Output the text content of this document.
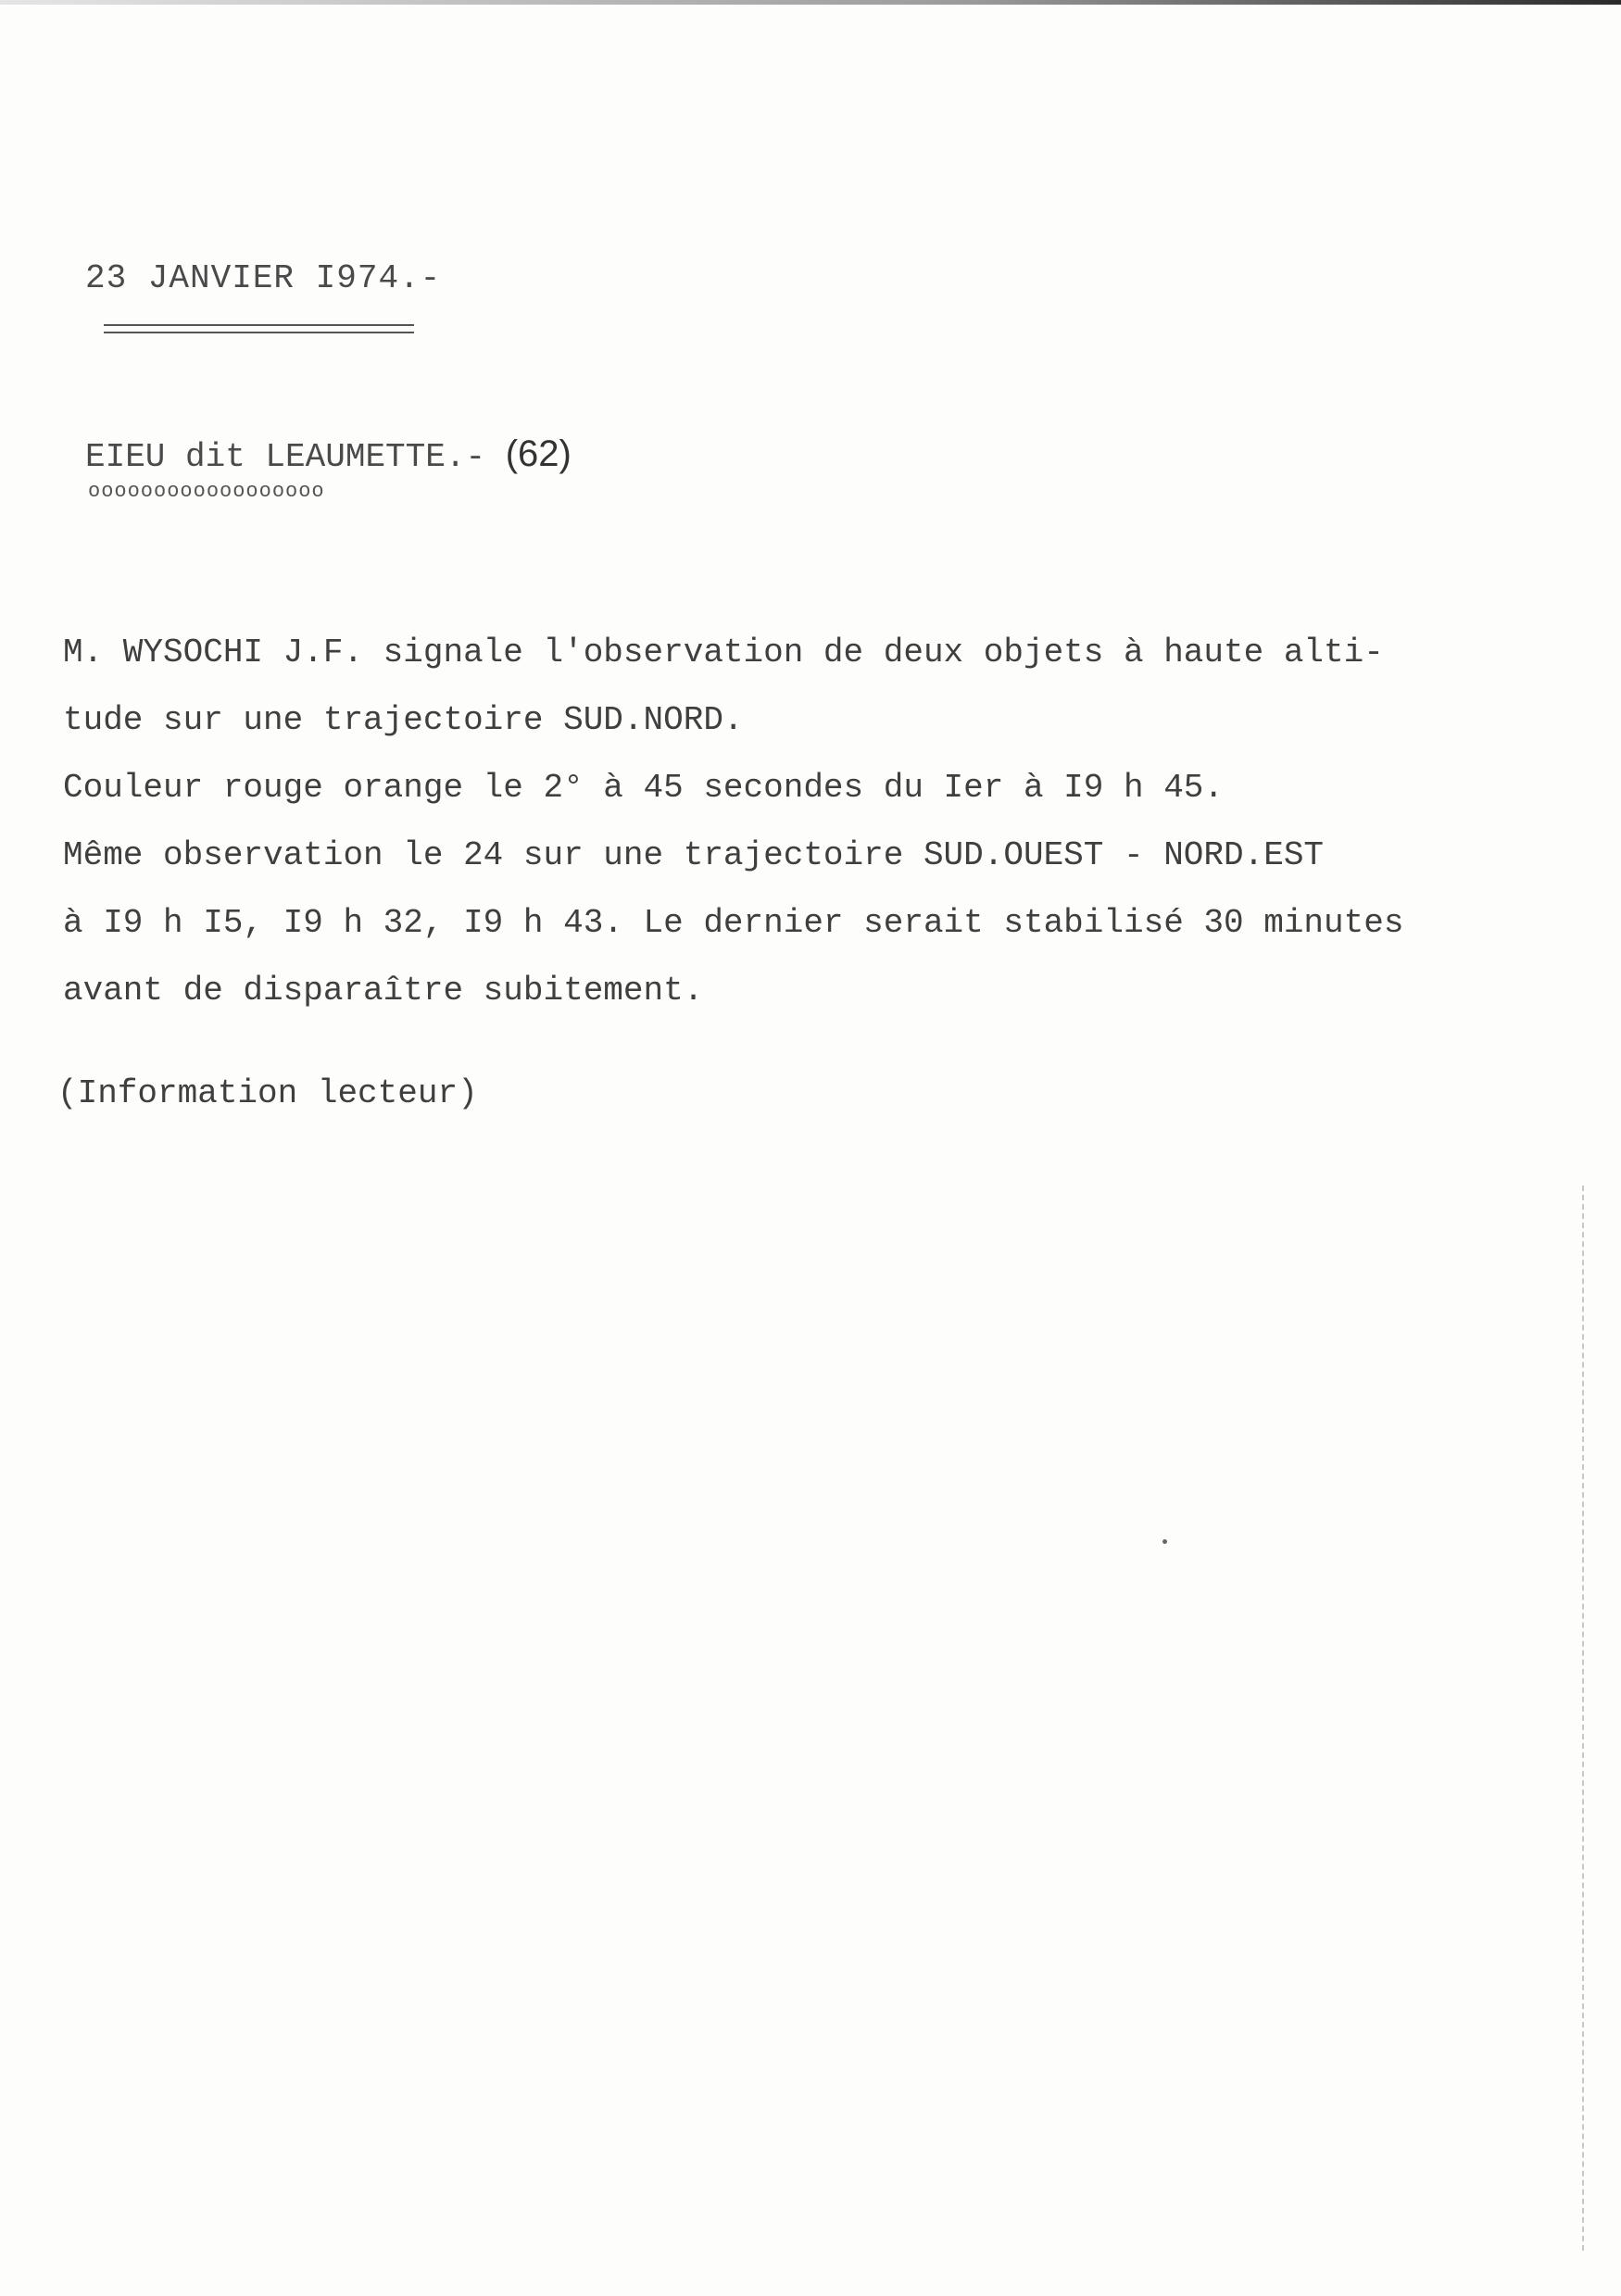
23 JANVIER I974.-
EIEU dit LEAUMETTE.- (62)
oooooooooooooooooo
M. WYSOCHI J.F. signale l'observation de deux objets à haute alti-
tude sur une trajectoire SUD.NORD.
Couleur rouge orange le 2° à 45 secondes du Ier à I9 h 45.
Même observation le 24 sur une trajectoire SUD.OUEST - NORD.EST
à I9 h I5, I9 h 32, I9 h 43. Le dernier serait stabilisé 30 minutes
avant de disparaître subitement.
(Information lecteur)
